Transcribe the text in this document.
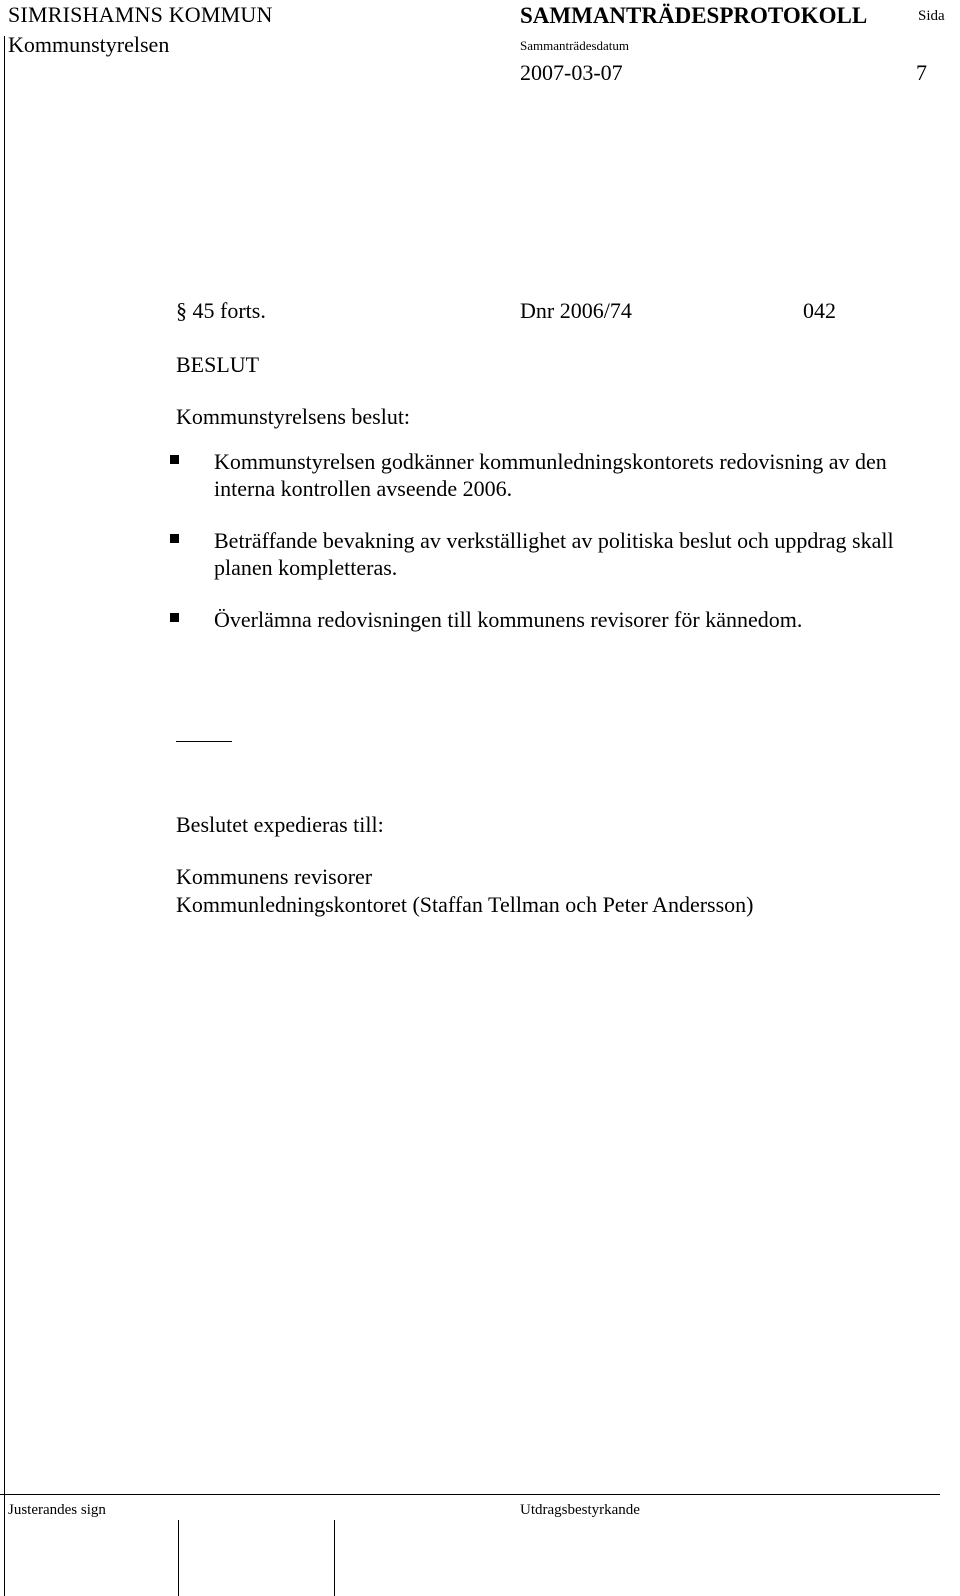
SIMRISHAMNS KOMMUN
Kommunstyrelsen
SAMMANTRÄDESPROTOKOLL	Sida
Sammanträdesdatum
2007-03-07	7
§ 45 forts.	Dnr 2006/74	042
BESLUT
Kommunstyrelsens beslut:
Kommunstyrelsen godkänner kommunledningskontorets redovisning av den
interna kontrollen avseende 2006.
Beträffande bevakning av verkställighet av politiska beslut och uppdrag skall
planen kompletteras.
Överlämna redovisningen till kommunens revisorer för kännedom.
Beslutet expedieras till:
Kommunens revisorer
Kommunledningskontoret (Staffan Tellman och Peter Andersson)
Justerandes sign	Utdragsbestyrkande
